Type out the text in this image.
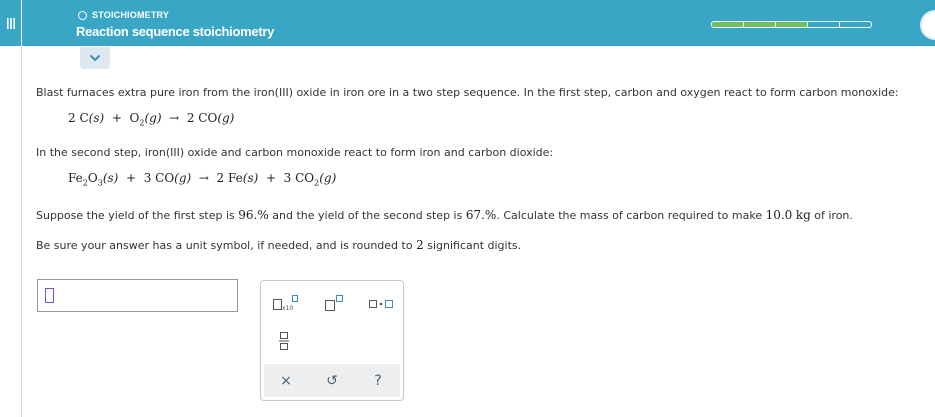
STOICHIOMETRY
Reaction sequence stoichiometry
Blast furnaces extra pure iron from the iron(III) oxide in iron ore in a two step sequence. In the first step, carbon and oxygen react to form carbon monoxide:
2 $C(s) + O_2(g) \to 2$ CO(g)
In the second step, iron(III) oxide and carbon monoxide react to form iron and carbon dioxide:
$Fe_2O_3(s) + 3$ CO(g) → 2 Fe(s) + 3 $CO_2(g)$
Suppose the yield of the first step is 96.% and the yield of the second step is 67.%. Calculate the mass of carbon required to make 10.0 kg of iron.
Be sure your answer has a unit symbol, if needed, and is rounded to 2 significant digits.
x10
× ↺	?
